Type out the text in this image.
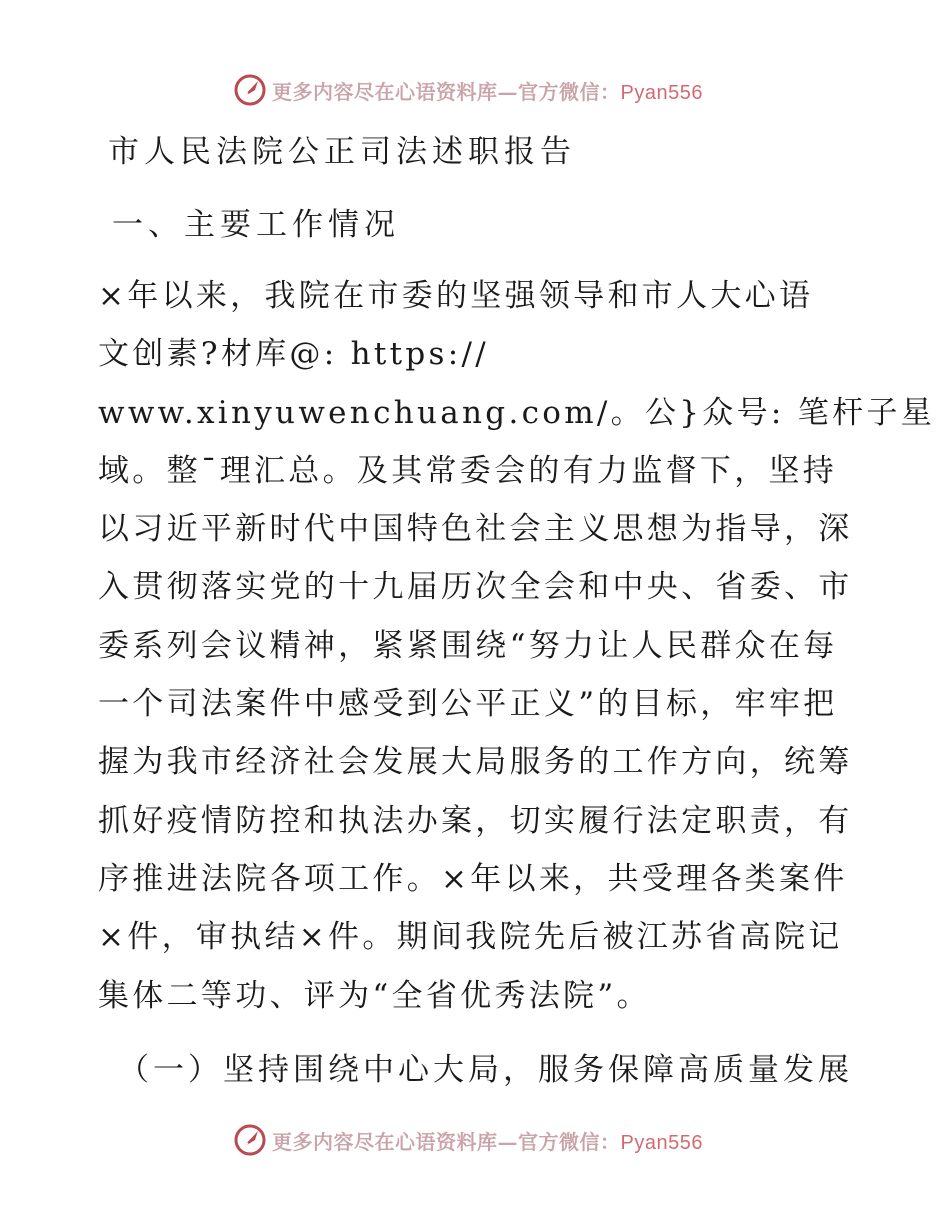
更多内容尽在心语资料库—官方微信：Pyan556
市人民法院公正司法述职报告
一、主要工作情况
×年以来，我院在市委的坚强领导和市人大心语
文创素?材库@: https://
www.xinyuwenchuang.com/。公}众号: 笔杆子星
域。整¯理汇总。及其常委会的有力监督下，坚持
以习近平新时代中国特色社会主义思想为指导，深
入贯彻落实党的十九届历次全会和中央、省委、市
委系列会议精神，紧紧围绕“努力让人民群众在每
一个司法案件中感受到公平正义”的目标，牢牢把
握为我市经济社会发展大局服务的工作方向，统筹
抓好疫情防控和执法办案，切实履行法定职责，有
序推进法院各项工作。×年以来，共受理各类案件
×件，审执结×件。期间我院先后被江苏省高院记
集体二等功、评为“全省优秀法院”。
（一）坚持围绕中心大局，服务保障高质量发展
更多内容尽在心语资料库—官方微信：Pyan556
